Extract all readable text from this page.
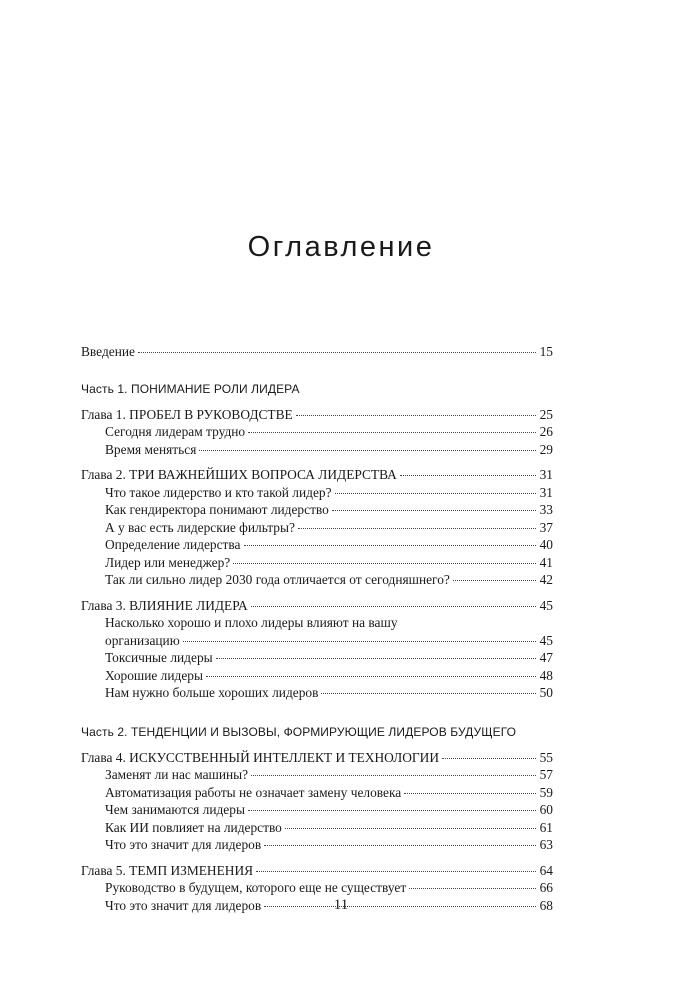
Оглавление
Введение	15
Часть 1. ПОНИМАНИЕ РОЛИ ЛИДЕРА
Глава 1. ПРОБЕЛ В РУКОВОДСТВЕ	25
Сегодня лидерам трудно	26
Время меняться	29
Глава 2. ТРИ ВАЖНЕЙШИХ ВОПРОСА ЛИДЕРСТВА	31
Что такое лидерство и кто такой лидер?	31
Как гендиректора понимают лидерство	33
А у вас есть лидерские фильтры?	37
Определение лидерства	40
Лидер или менеджер?	41
Так ли сильно лидер 2030 года отличается от сегодняшнего?	42
Глава 3. ВЛИЯНИЕ ЛИДЕРА	45
Насколько хорошо и плохо лидеры влияют на вашу
организацию	45
Токсичные лидеры	47
Хорошие лидеры	48
Нам нужно больше хороших лидеров	50
Часть 2. ТЕНДЕНЦИИ И ВЫЗОВЫ, ФОРМИРУЮЩИЕ ЛИДЕРОВ БУДУЩЕГО
Глава 4. ИСКУССТВЕННЫЙ ИНТЕЛЛЕКТ И ТЕХНОЛОГИИ	55
Заменят ли нас машины?	57
Автоматизация работы не означает замену человека	59
Чем занимаются лидеры	60
Как ИИ повлияет на лидерство	61
Что это значит для лидеров	63
Глава 5. ТЕМП ИЗМЕНЕНИЯ	64
Руководство в будущем, которого еще не существует	66
Что это значит для лидеров	68
11
